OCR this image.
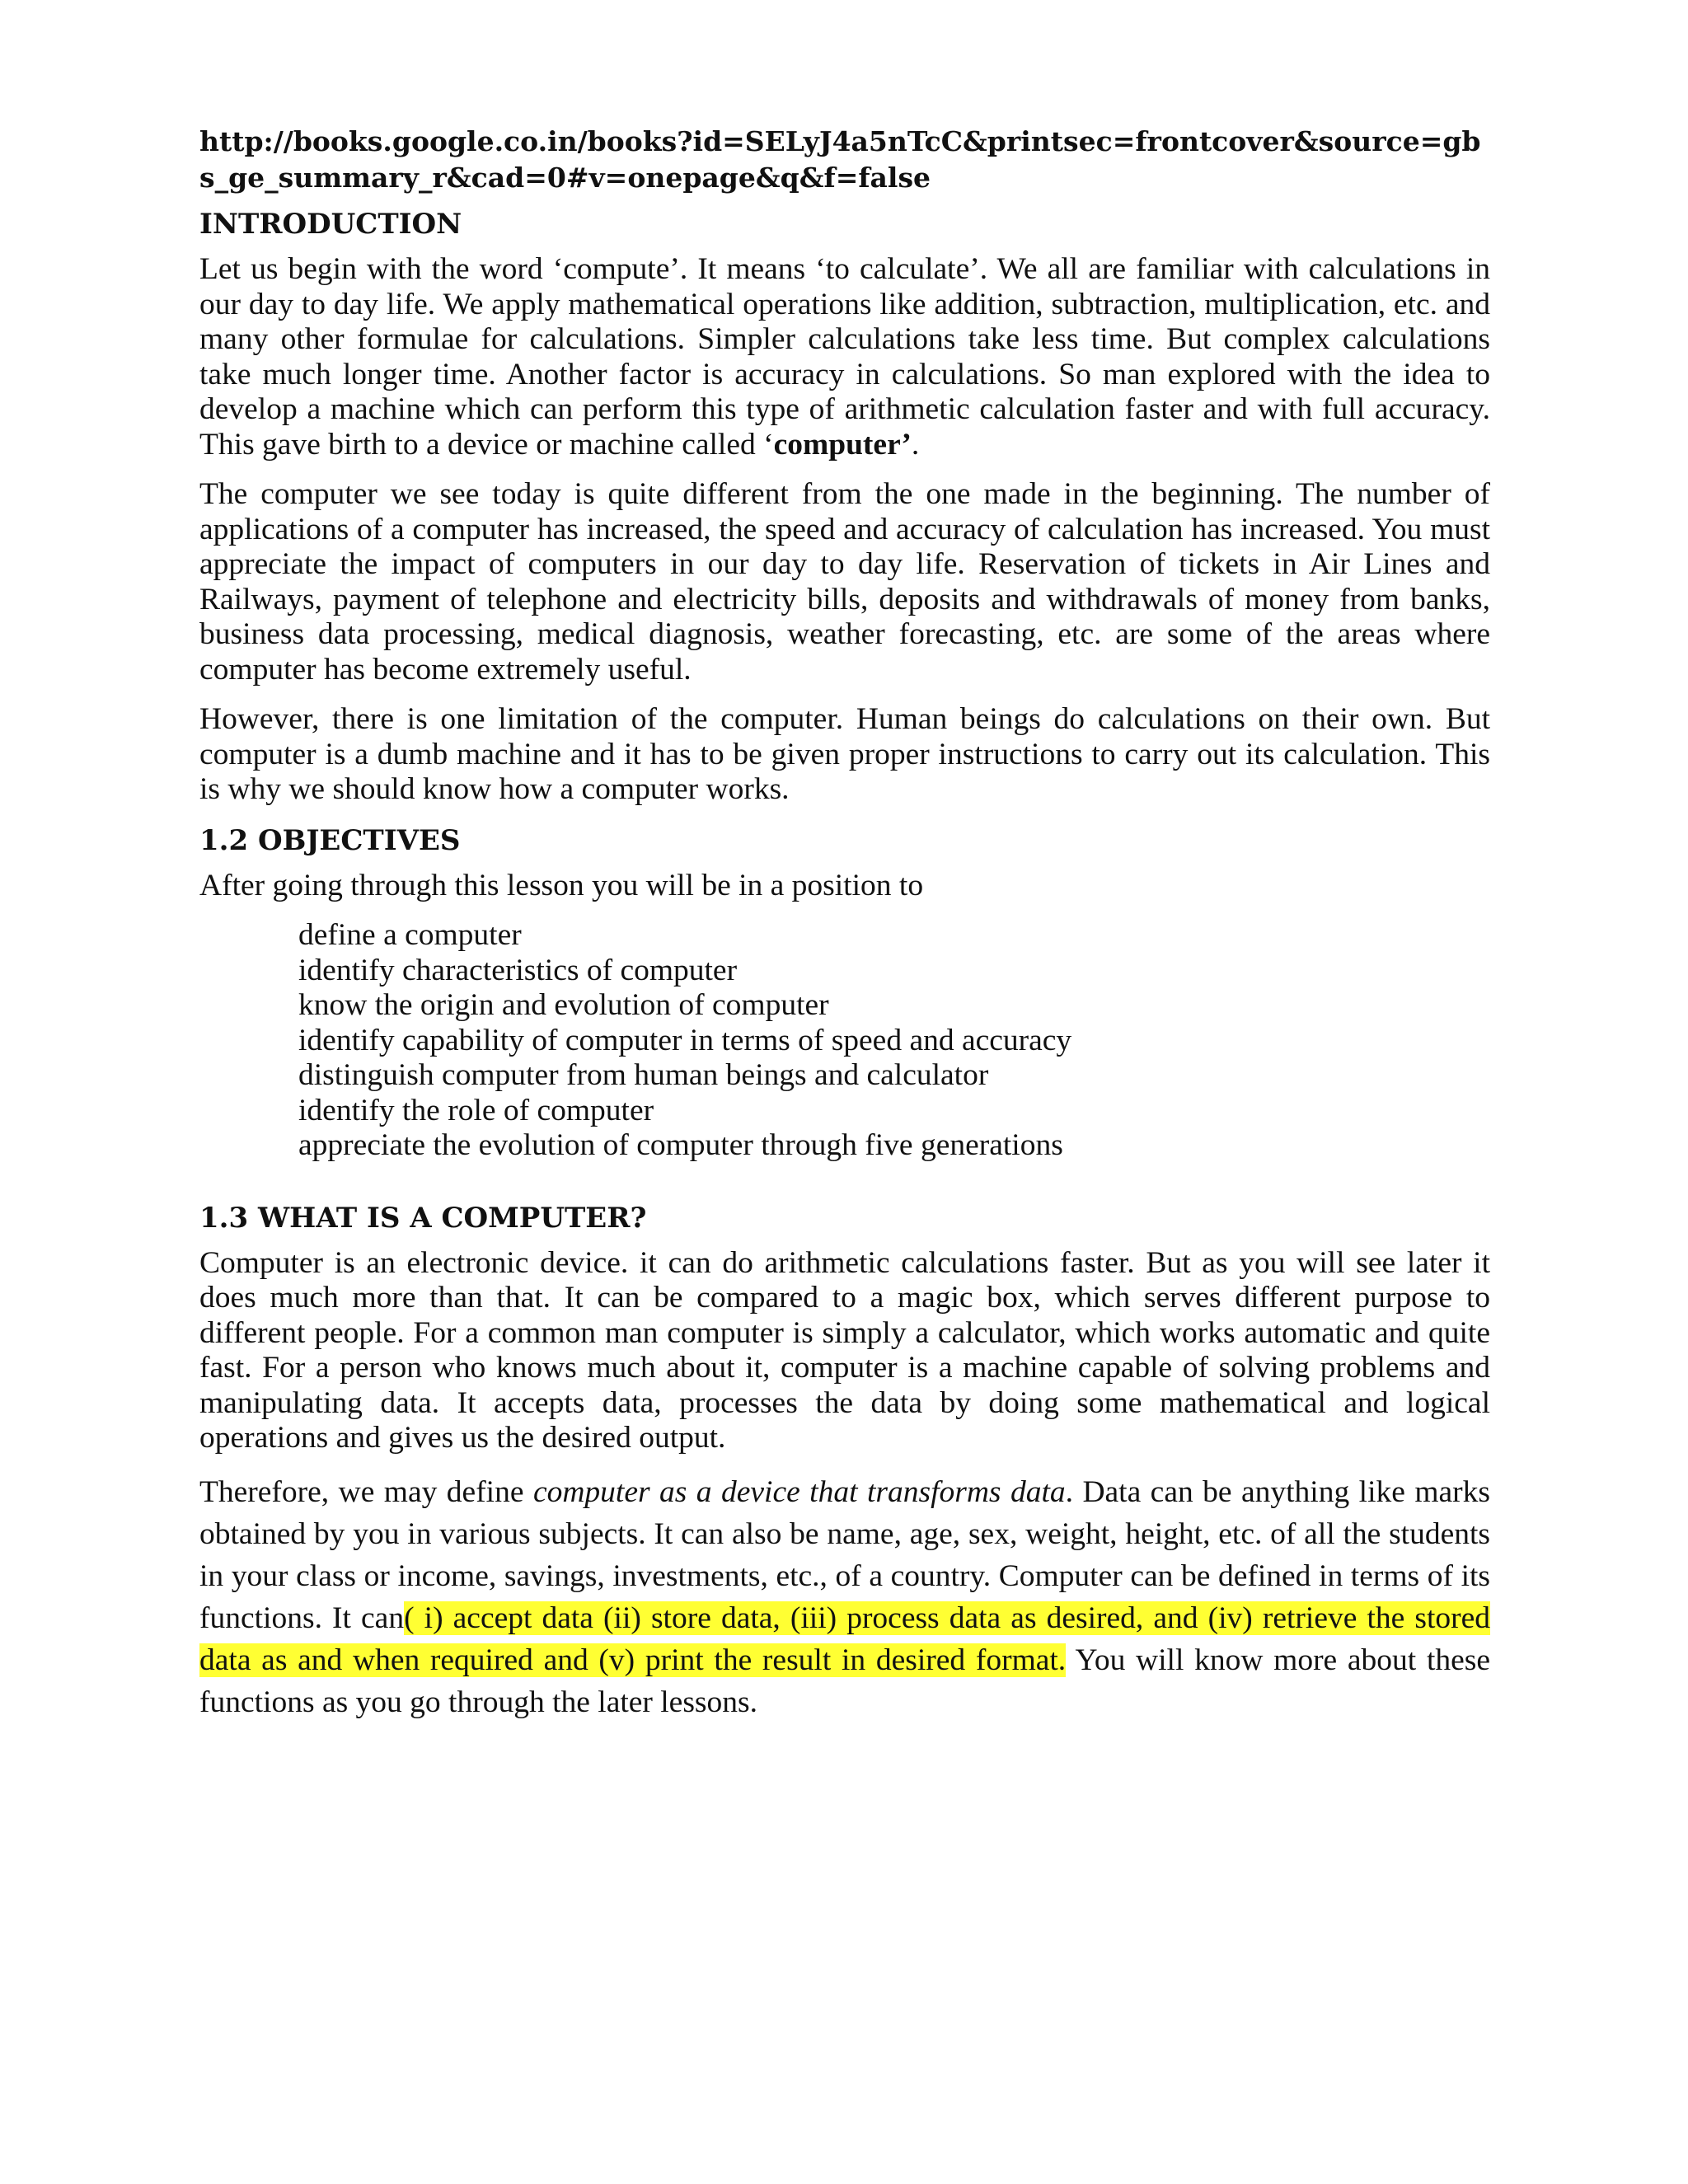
http://books.google.co.in/books?id=SELyJ4a5nTcC&printsec=frontcover&source=gbs_ge_summary_r&cad=0#v=onepage&q&f=false
INTRODUCTION

Let us begin with the word ‘compute’. It means ‘to calculate’. We all are familiar with calculations in our day to day life. We apply mathematical operations like addition, subtraction, multiplication, etc. and many other formulae for calculations. Simpler calculations take less time. But complex calculations take much longer time. Another factor is accuracy in calculations. So man explored with the idea to develop a machine which can perform this type of arithmetic calculation faster and with full accuracy. This gave birth to a device or machine called ‘computer’.

The computer we see today is quite different from the one made in the beginning. The number of applications of a computer has increased, the speed and accuracy of calculation has increased. You must appreciate the impact of computers in our day to day life. Reservation of tickets in Air Lines and Railways, payment of telephone and electricity bills, deposits and withdrawals of money from banks, business data processing, medical diagnosis, weather forecasting, etc. are some of the areas where computer has become extremely useful.

However, there is one limitation of the computer. Human beings do calculations on their own. But computer is a dumb machine and it has to be given proper instructions to carry out its calculation. This is why we should know how a computer works.

1.2 OBJECTIVES

After going through this lesson you will be in a position to

define a computer
identify characteristics of computer
know the origin and evolution of computer
identify capability of computer in terms of speed and accuracy
distinguish computer from human beings and calculator
identify the role of computer
appreciate the evolution of computer through five generations
1.3 WHAT IS A COMPUTER?

Computer is an electronic device. it can do arithmetic calculations faster. But as you will see later it does much more than that. It can be compared to a magic box, which serves different purpose to different people. For a common man computer is simply a calculator, which works automatic and quite fast. For a person who knows much about it, computer is a machine capable of solving problems and manipulating data. It accepts data, processes the data by doing some mathematical and logical operations and gives us the desired output.

Therefore, we may define computer as a device that transforms data. Data can be anything like marks obtained by you in various subjects. It can also be name, age, sex, weight, height, etc. of all the students in your class or income, savings, investments, etc., of a country. Computer can be defined in terms of its functions. It can( i) accept data (ii) store data, (iii) process data as desired, and (iv) retrieve the stored data as and when required and (v) print the result in desired format. You will know more about these functions as you go through the later lessons.
